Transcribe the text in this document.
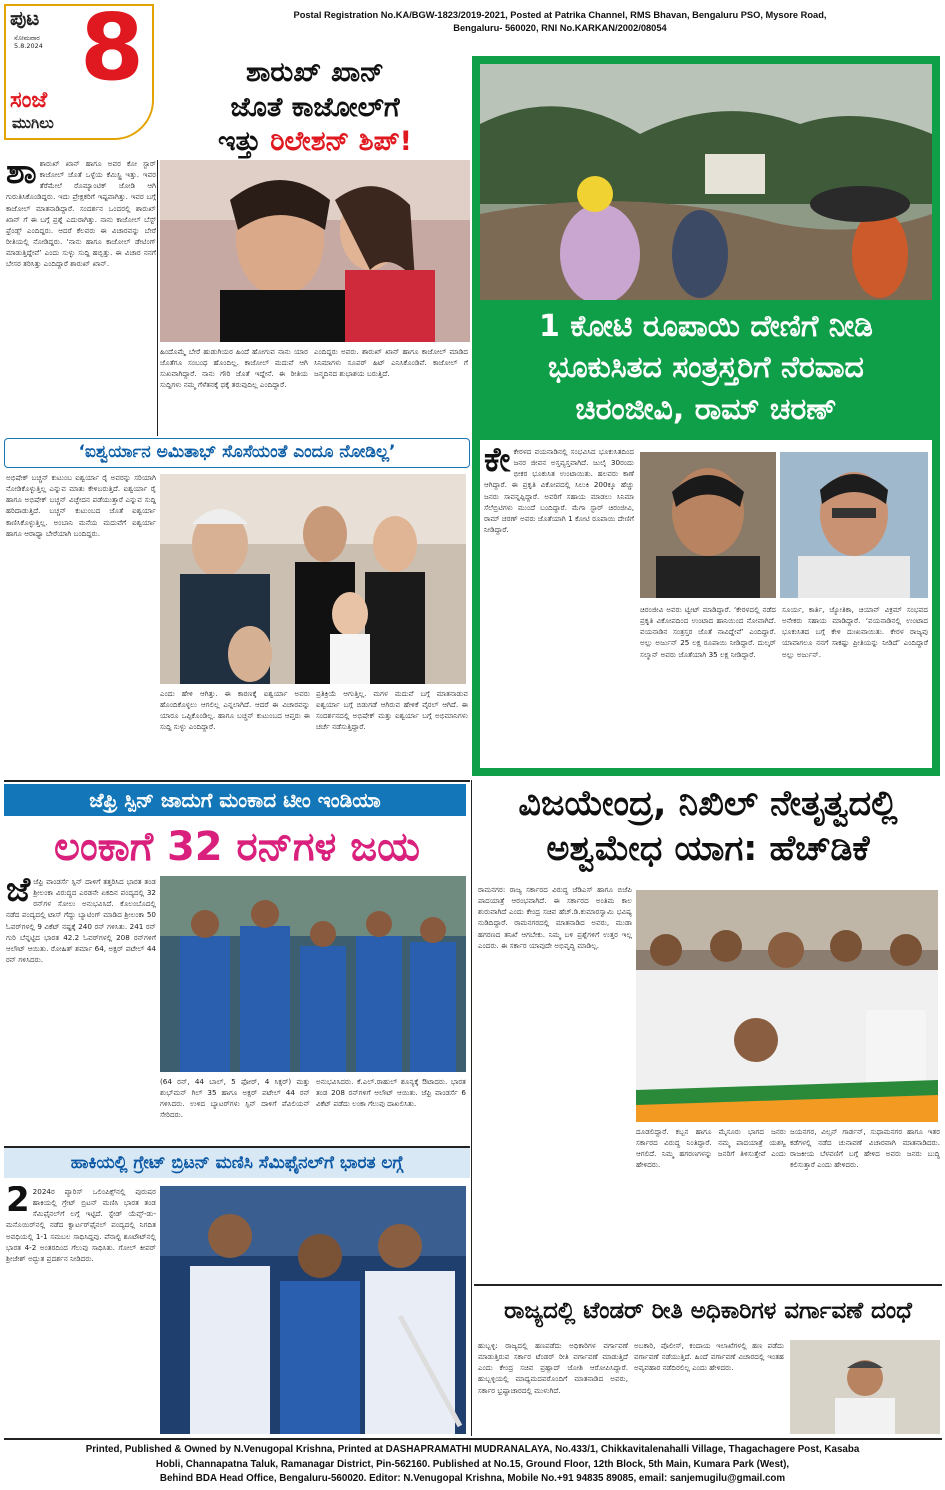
ಪುಟ
ಸೋಮವಾರ
5.8.2024 8
ಸಂಜೆ
ಮುಗಿಲು
Postal Registration No.KA/BGW-1823/2019-2021, Posted at Patrika Channel, RMS Bhavan, Bengaluru PSO, Mysore Road,
Bengaluru- 560020, RNI No.KARKAN/2002/08054
ಶಾರುಖ್ ಖಾನ್
ಜೊತೆ ಕಾಜೋಲ್‌ಗೆ
ಇತ್ತು ರಿಲೇಶನ್ ಶಿಪ್!
ಶಾಶಾರುಖ್ ಖಾನ್ ಹಾಗೂ ಅವರ ಕೋ ಸ್ಟಾರ್ ಕಾಜೋಲ್ ಜೊತೆ ಒಳ್ಳೆಯ ಕೆಮಿಸ್ಟ್ರಿ ಇತ್ತು. ಇವರ ತೆರೆಮೇಲೆ ರೊಮ್ಯಾಂಟಿಕ್ ಜೋಡಿ ಆಗಿ ಗುರುತಿಸಿಕೊಂಡಿದ್ದರು. ಇದು ಪ್ರೇಕ್ಷಕರಿಗೆ ಇಷ್ಟವಾಗಿತ್ತು. ಇವರ ಬಗ್ಗೆ ಕಾಜೋಲ್ ಮಾತನಾಡಿದ್ದಾರೆ. ಸಂದರ್ಶನ ಒಂದರಲ್ಲಿ ಶಾರುಖ್ ಖಾನ್ ಗೆ ಈ ಬಗ್ಗೆ ಪ್ರಶ್ನೆ ಎದುರಾಗಿತ್ತು. ನಾನು ಕಾಜೋಲ್ ಬೆಸ್ಟ್ ಫ್ರೆಂಡ್ಸ್ ಎಂದಿದ್ದರು. ಆದರೆ ಕೆಲವರು ಈ ವಿಚಾರವನ್ನು ಬೇರೆ ರೀತಿಯಲ್ಲಿ ನೋಡಿದ್ದರು. ‘ನಾನು ಹಾಗೂ ಕಾಜೋಲ್ ಡೇಟಿಂಗ್ ಮಾಡುತ್ತಿದ್ದೇವೆ’ ಎಂದು ಸುಳ್ಳು ಸುದ್ದಿ ಹಬ್ಬಿತ್ತು. ಈ ವಿಚಾರ ನನಗೆ ಬೇಸರ ತರಿಸಿತ್ತು ಎಂದಿದ್ದಾರೆ ಶಾರುಖ್ ಖಾನ್.
ಹಿಂದೊಮ್ಮೆ ಬೇರೆ ಹುಡುಗಿಯರ ಹಿಂದೆ ಹೋಗುವ ನಾನು ಯಾರ ಜೊತೆಗೂ ಸಂಬಂಧ ಹೊಂದಿಲ್ಲ. ಕಾಜೋಲ್ ಮದುವೆ ಆಗಿ ಸುಖವಾಗಿದ್ದಾರೆ. ನಾನು ಗೌರಿ ಜೊತೆ ಇದ್ದೇನೆ. ಈ ರೀತಿಯ ಸುದ್ದಿಗಳು ನಮ್ಮ ಗೆಳೆತನಕ್ಕೆ ಧಕ್ಕೆ ತರುವುದಿಲ್ಲ ಎಂದಿದ್ದಾರೆ.
ಎಂದಿದ್ದರು ಅವರು. ಶಾರುಖ್ ಖಾನ್ ಹಾಗೂ ಕಾಜೋಲ್ ಮಾಡಿದ ಸಿನಿಮಾಗಳು ಸೂಪರ್ ಹಿಟ್ ಎನಿಸಿಕೊಂಡಿವೆ. ಕಾಜೋಲ್ ಗೆ ಜನ್ಮದಿನದ ಶುಭಾಶಯ ಬರುತ್ತಿದೆ.
1 ಕೋಟಿ ರೂಪಾಯಿ ದೇಣಿಗೆ ನೀಡಿ
ಭೂಕುಸಿತದ ಸಂತ್ರಸ್ತರಿಗೆ ನೆರವಾದ
ಚಿರಂಜೀವಿ, ರಾಮ್ ಚರಣ್
ಕೇಕೇರಳದ ವಯನಾಡಿನಲ್ಲಿ ಸಂಭವಿಸಿದ ಭೂಕುಸಿತದಿಂದ ಜನರ ಜೀವನ ಅಸ್ತವ್ಯಸ್ತವಾಗಿದೆ. ಜುಲೈ 30ರಂದು ಭೀಕರ ಭೂಕುಸಿತ ಉಂಟಾಯಿತು. ಹಲವರು ಕಾಣೆ ಆಗಿದ್ದಾರೆ. ಈ ಪ್ರಕೃತಿ ವಿಕೋಪದಲ್ಲಿ ಸಿಲುಕಿ 200ಕ್ಕೂ ಹೆಚ್ಚು ಜನರು ಸಾವನ್ನಪ್ಪಿದ್ದಾರೆ. ಅವರಿಗೆ ಸಹಾಯ ಮಾಡಲು ಸಿನಿಮಾ ಸೆಲೆಬ್ರಿಟಿಗಳು ಮುಂದೆ ಬಂದಿದ್ದಾರೆ. ಮೆಗಾ ಸ್ಟಾರ್ ಚಿರಂಜೀವಿ, ರಾಮ್ ಚರಣ್ ಅವರು ಜೊತೆಯಾಗಿ 1 ಕೋಟಿ ರೂಪಾಯಿ ದೇಣಿಗೆ ನೀಡಿದ್ದಾರೆ.
ಚಿರಂಜೀವಿ ಅವರು ಟ್ವೀಟ್ ಮಾಡಿದ್ದಾರೆ. ‘ಕೇರಳದಲ್ಲಿ ನಡೆದ ಪ್ರಕೃತಿ ವಿಕೋಪದಿಂದ ಉಂಟಾದ ಹಾನಿಯಿಂದ ನೋವಾಗಿದೆ. ವಯನಾಡಿನ ಸಂತ್ರಸ್ತರ ಜೊತೆ ನಾವಿದ್ದೇವೆ’ ಎಂದಿದ್ದಾರೆ. ಅಲ್ಲು ಅರ್ಜುನ್ 25 ಲಕ್ಷ ರೂಪಾಯಿ ನೀಡಿದ್ದಾರೆ. ದುಲ್ಕರ್ ಸಲ್ಮಾನ್ ಅವರು ಜೊತೆಯಾಗಿ 35 ಲಕ್ಷ ನೀಡಿದ್ದಾರೆ.
ಸೂರ್ಯ, ಕಾರ್ತಿ, ಜ್ಯೋತಿಕಾ, ಚಿಯಾನ್ ವಿಕ್ರಮ್ ಸಂಭವದ ಅನೇಕರು ಸಹಾಯ ಮಾಡಿದ್ದಾರೆ. ‘ವಯನಾಡಿನಲ್ಲಿ ಉಂಟಾದ ಭೂಕುಸಿತದ ಬಗ್ಗೆ ಕೇಳಿ ದುಃಖವಾಯಿತು. ಕೇರಳ ರಾಜ್ಯವು ಯಾವಾಗಲೂ ನನಗೆ ಸಾಕಷ್ಟು ಪ್ರೀತಿಯನ್ನು ನೀಡಿದೆ’ ಎಂದಿದ್ದಾರೆ ಅಲ್ಲು ಅರ್ಜುನ್.
‘ಐಶ್ವರ್ಯಾನ ಅಮಿತಾಭ್ ಸೊಸೆಯಂತೆ ಎಂದೂ ನೋಡಿಲ್ಲ’
ಅಭಿಷೇಕ್ ಬಚ್ಚನ್ ಕುಟುಂಬ ಐಶ್ವರ್ಯಾ ರೈ ಅವರನ್ನು ಸರಿಯಾಗಿ ನೋಡಿಕೊಳ್ಳುತ್ತಿಲ್ಲ ಎನ್ನುವ ಮಾತು ಕೇಳಿಬರುತ್ತಿದೆ. ಐಶ್ವರ್ಯಾ ರೈ ಹಾಗೂ ಅಭಿಷೇಕ್ ಬಚ್ಚನ್ ವಿಚ್ಛೇದನ ಪಡೆಯುತ್ತಾರೆ ಎನ್ನುವ ಸುದ್ದಿ ಹರಿದಾಡುತ್ತಿದೆ. ಬಚ್ಚನ್ ಕುಟುಂಬದ ಜೊತೆ ಐಶ್ವರ್ಯಾ ಕಾಣಿಸಿಕೊಳ್ಳುತ್ತಿಲ್ಲ. ಅಂಬಾನಿ ಮನೆಯ ಮದುವೆಗೆ ಐಶ್ವರ್ಯಾ ಹಾಗೂ ಆರಾಧ್ಯಾ ಬೇರೆಯಾಗಿ ಬಂದಿದ್ದರು.
ಎಂದು ಹೇಳಿ ಆಗಿತ್ತು. ಈ ಕಾರಣಕ್ಕೆ ಐಶ್ವರ್ಯಾ ಅವರು ಹೊಂದಿಕೊಳ್ಳಲು ಆಗಲಿಲ್ಲ ಎನ್ನಲಾಗಿದೆ. ಆದರೆ ಈ ವಿಚಾರವನ್ನು ಯಾರೂ ಒಪ್ಪಿಕೊಂಡಿಲ್ಲ. ಹಾಗೂ ಬಚ್ಚನ್ ಕುಟುಂಬದ ಆಪ್ತರು ಈ ಸುದ್ದಿ ಸುಳ್ಳು ಎಂದಿದ್ದಾರೆ.
ಪ್ರತಿಕ್ರಿಯೆ ಆಗುತ್ತಿಲ್ಲ. ಮಗಳ ಮದುವೆ ಬಗ್ಗೆ ಮಾತನಾಡುವ ಐಶ್ವರ್ಯಾ ಬಗ್ಗೆ ಬಿಡುಗಡೆ ಆಗಿರುವ ಹೇಳಿಕೆ ವೈರಲ್ ಆಗಿದೆ. ಈ ಸಂದರ್ಶನದಲ್ಲಿ ಅಭಿಷೇಕ್ ಮತ್ತು ಐಶ್ವರ್ಯಾ ಬಗ್ಗೆ ಅಭಿಮಾನಿಗಳು ಚರ್ಚೆ ನಡೆಸುತ್ತಿದ್ದಾರೆ.
ಜೆಫ್ರಿ ಸ್ಪಿನ್ ಜಾದುಗೆ ಮಂಕಾದ ಟೀಂ ಇಂಡಿಯಾ
ಲಂಕಾಗೆ 32 ರನ್‌ಗಳ ಜಯ
ಜೆಜೆಫ್ರಿ ವಾಂಡರ್ಸೆ ಸ್ಪಿನ್ ದಾಳಿಗೆ ತತ್ತರಿಸಿದ ಭಾರತ ತಂಡ ಶ್ರೀಲಂಕಾ ವಿರುದ್ಧದ ಎರಡನೇ ಏಕದಿನ ಪಂದ್ಯದಲ್ಲಿ 32 ರನ್‌ಗಳ ಸೋಲು ಅನುಭವಿಸಿದೆ. ಕೊಲಂಬೊದಲ್ಲಿ ನಡೆದ ಪಂದ್ಯದಲ್ಲಿ ಟಾಸ್ ಗೆದ್ದು ಬ್ಯಾಟಿಂಗ್ ಮಾಡಿದ ಶ್ರೀಲಂಕಾ 50 ಓವರ್‌ಗಳಲ್ಲಿ 9 ವಿಕೆಟ್ ನಷ್ಟಕ್ಕೆ 240 ರನ್ ಗಳಿಸಿತು. 241 ರನ್ ಗುರಿ ಬೆನ್ನಟ್ಟಿದ ಭಾರತ 42.2 ಓವರ್‌ಗಳಲ್ಲಿ 208 ರನ್‌ಗಳಿಗೆ ಆಲೌಟ್ ಆಯಿತು. ರೋಹಿತ್ ಶರ್ಮಾ 64, ಅಕ್ಷರ್ ಪಟೇಲ್ 44 ರನ್ ಗಳಿಸಿದರು.
(64 ರನ್, 44 ಬಾಲ್, 5 ಫೋರ್, 4 ಸಿಕ್ಸರ್) ಮತ್ತು ಶುಭ್‌ಮನ್ ಗಿಲ್ 35 ಹಾಗೂ ಅಕ್ಷರ್ ಪಟೇಲ್ 44 ರನ್ ಗಳಿಸಿದರು. ಉಳಿದ ಬ್ಯಾಟರ್‌ಗಳು ಸ್ಪಿನ್ ದಾಳಿಗೆ ಪೆವಿಲಿಯನ್ ಸೇರಿದರು.
ಅನುಭವಿಸಿದರು. ಕೆ.ಎಲ್.ರಾಹುಲ್ ಶೂನ್ಯಕ್ಕೆ ಔಟಾದರು. ಭಾರತ ತಂಡ 208 ರನ್‌ಗಳಿಗೆ ಆಲೌಟ್ ಆಯಿತು. ಜೆಫ್ರಿ ವಾಂಡರ್ಸೆ 6 ವಿಕೆಟ್ ಪಡೆದು ಲಂಕಾ ಗೆಲುವು ದಾಖಲಿಸಿತು.
ವಿಜಯೇಂದ್ರ, ನಿಖಿಲ್ ನೇತೃತ್ವದಲ್ಲಿ
ಅಶ್ವಮೇಧ ಯಾಗ: ಹೆಚ್‌ಡಿಕೆ
ರಾಮನಗರ: ರಾಜ್ಯ ಸರ್ಕಾರದ ವಿರುದ್ಧ ಜೆಡಿಎಸ್ ಹಾಗೂ ಬಿಜೆಪಿ ಪಾದಯಾತ್ರೆ ಆರಂಭವಾಗಿದೆ. ಈ ಸರ್ಕಾರದ ಅಂತಿಮ ಕಾಲ ಶುರುವಾಗಿದೆ ಎಂದು ಕೇಂದ್ರ ಸಚಿವ ಹೆಚ್.ಡಿ.ಕುಮಾರಸ್ವಾಮಿ ಭವಿಷ್ಯ ನುಡಿದಿದ್ದಾರೆ. ರಾಮನಗರದಲ್ಲಿ ಮಾತನಾಡಿದ ಅವರು, ಮುಡಾ ಹಗರಣದ ತನಿಖೆ ಆಗಬೇಕು. ನಿಮ್ಮ ಬಳಿ ಪ್ರಶ್ನೆಗಳಿಗೆ ಉತ್ತರ ಇಲ್ಲ ಎಂದರು. ಈ ಸರ್ಕಾರ ಯಾವುದೇ ಅಭಿವೃದ್ಧಿ ಮಾಡಿಲ್ಲ.
ದೂಡಲಿದ್ದಾರೆ. ಕಬ್ಬನ ಹಾಗೂ ಮೈಸೂರು ಭಾಗದ ಜನರು ಸರ್ಕಾರದ ವಿರುದ್ಧ ನಿಂತಿದ್ದಾರೆ. ನಮ್ಮ ಪಾದಯಾತ್ರೆ ಯಶಸ್ವಿ ಆಗಲಿದೆ. ನಿಮ್ಮ ಹಗರಣಗಳನ್ನು ಜನರಿಗೆ ತಿಳಿಸುತ್ತೇವೆ ಎಂದು ಹೇಳಿದರು.
ಜಯನಗರ, ವಿಲ್ಸನ್ ಗಾರ್ಡನ್, ಸುಧಾಮನಗರ ಹಾಗೂ ಇತರ ಕಡೆಗಳಲ್ಲಿ ನಡೆದ ಚುನಾವಣೆ ವಿಚಾರವಾಗಿ ಮಾತನಾಡಿದರು. ರಾಜಕೀಯ ಬೆಳವಣಿಗೆ ಬಗ್ಗೆ ಹೇಳಿದ ಅವರು ಜನರು ಬುದ್ಧಿ ಕಲಿಸುತ್ತಾರೆ ಎಂದು ಹೇಳಿದರು.
ಹಾಕಿಯಲ್ಲಿ ಗ್ರೇಟ್ ಬ್ರಿಟನ್ ಮಣಿಸಿ ಸೆಮಿಫೈನಲ್‌ಗೆ ಭಾರತ ಲಗ್ಗೆ
2 2024ರ ಪ್ಯಾರಿಸ್ ಒಲಿಂಪಿಕ್ಸ್‌ನಲ್ಲಿ ಪುರುಷರ ಹಾಕಿಯಲ್ಲಿ ಗ್ರೇಟ್ ಬ್ರಿಟನ್ ಮಣಿಸಿ ಭಾರತ ತಂಡ ಸೆಮಿಫೈನಲ್‌ಗೆ ಲಗ್ಗೆ ಇಟ್ಟಿದೆ. ಸ್ಟೇಡ್ ಯೆವ್ಸ್-ಡು-ಮನೊಯಿರ್‌ನಲ್ಲಿ ನಡೆದ ಕ್ವಾರ್ಟರ್‌ಫೈನಲ್ ಪಂದ್ಯದಲ್ಲಿ ನಿಗದಿತ ಅವಧಿಯಲ್ಲಿ 1-1 ಸಮಬಲ ಸಾಧಿಸಿದ್ದವು. ಪೆನಾಲ್ಟಿ ಶೂಟೌಟ್‌ನಲ್ಲಿ ಭಾರತ 4-2 ಅಂತರದಿಂದ ಗೆಲುವು ಸಾಧಿಸಿತು. ಗೋಲ್ ಕೀಪರ್ ಶ್ರೀಜೇಶ್ ಅದ್ಭುತ ಪ್ರದರ್ಶನ ನೀಡಿದರು.
ರಾಜ್ಯದಲ್ಲಿ ಟೆಂಡರ್ ರೀತಿ ಅಧಿಕಾರಿಗಳ ವರ್ಗಾವಣೆ ದಂಧೆ
ಹುಬ್ಬಳ್ಳಿ: ರಾಜ್ಯದಲ್ಲಿ ಹಣಪಡೆದು ಅಧಿಕಾರಿಗಳ ವರ್ಗಾವಣೆ ಮಾಡುತ್ತಿರುವ ಸರ್ಕಾರ ಟೆಂಡರ್ ರೀತಿ ವರ್ಗಾವಣೆ ಮಾಡುತ್ತಿದೆ ಎಂದು ಕೇಂದ್ರ ಸಚಿವ ಪ್ರಹ್ಲಾದ್ ಜೋಶಿ ಆರೋಪಿಸಿದ್ದಾರೆ. ಹುಬ್ಬಳ್ಳಿಯಲ್ಲಿ ಮಾಧ್ಯಮದವರೊಂದಿಗೆ ಮಾತನಾಡಿದ ಅವರು, ಸರ್ಕಾರ ಭ್ರಷ್ಟಾಚಾರದಲ್ಲಿ ಮುಳುಗಿದೆ.
ಅಬಕಾರಿ, ಪೊಲೀಸ್, ಕಂದಾಯ ಇಲಾಖೆಗಳಲ್ಲಿ ಹಣ ಪಡೆದು ವರ್ಗಾವಣೆ ನಡೆಯುತ್ತಿದೆ. ಹಿಂದೆ ವರ್ಗಾವಣೆ ವಿಚಾರದಲ್ಲಿ ಇಂತಹ ಅವ್ಯವಹಾರ ನಡೆದಿರಲಿಲ್ಲ ಎಂದು ಹೇಳಿದರು.
Printed, Published & Owned by N.Venugopal Krishna, Printed at DASHAPRAMATHI MUDRANALAYA, No.433/1, Chikkavitalenahalli Village, Thagachagere Post, Kasaba
Hobli, Channapatna Taluk, Ramanagar District, Pin-562160. Published at No.15, Ground Floor, 12th Block, 5th Main, Kumara Park (West),
Behind BDA Head Office, Bengaluru-560020. Editor: N.Venugopal Krishna, Mobile No.+91 94835 89085, email: sanjemugilu@gmail.com
